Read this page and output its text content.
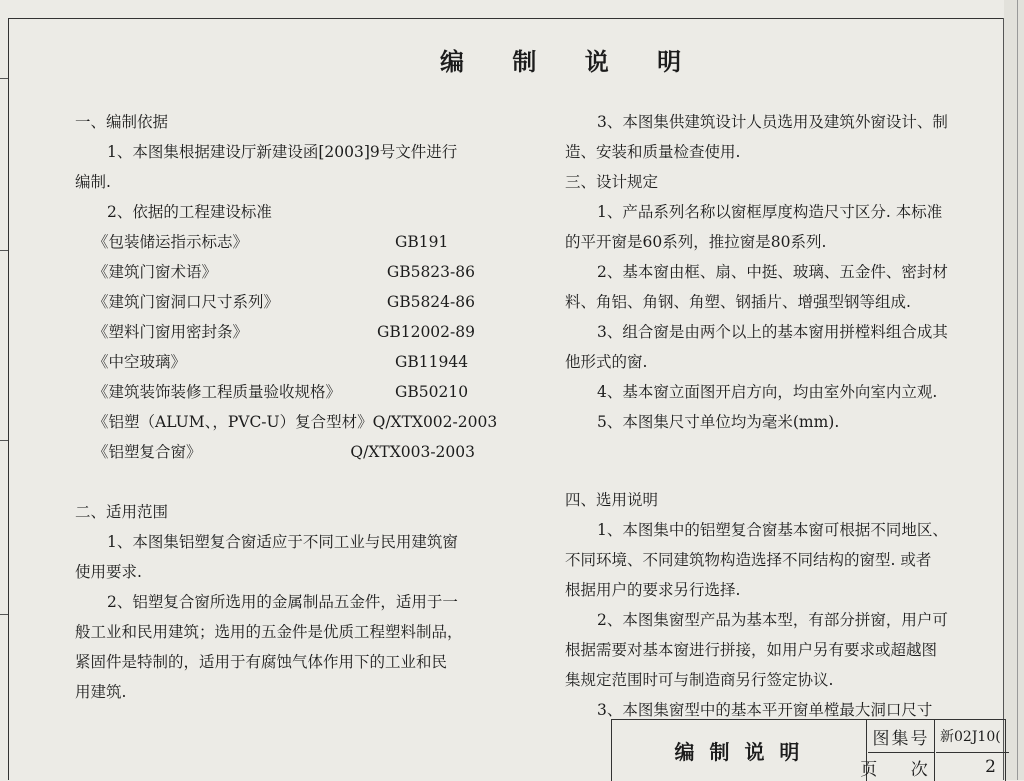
编 制 说 明
一、编制依据
1、本图集根据建设厅新建设函[2003]9号文件进行
编制.
2、依据的工程建设标准
《包装储运指示标志》	GB191
《建筑门窗术语》	GB5823-86
《建筑门窗洞口尺寸系列》	GB5824-86
《塑料门窗用密封条》	GB12002-89
《中空玻璃》	GB11944
《建筑装饰装修工程质量验收规格》	GB50210
《铝塑（ALUM、，PVC-U）复合型材》 Q/XTX002-2003
《铝塑复合窗》	Q/XTX003-2003
二、适用范围
1、本图集铝塑复合窗适应于不同工业与民用建筑窗
使用要求.
2、铝塑复合窗所选用的金属制品五金件，适用于一
般工业和民用建筑；选用的五金件是优质工程塑料制品，
紧固件是特制的，适用于有腐蚀气体作用下的工业和民
用建筑.
3、本图集供建筑设计人员选用及建筑外窗设计、制
造、安装和质量检查使用.
三、设计规定
1、产品系列名称以窗框厚度构造尺寸区分. 本标准
的平开窗是60系列，推拉窗是80系列.
2、基本窗由框、扇、中挺、玻璃、五金件、密封材
料、角铝、角钢、角塑、钢插片、增强型钢等组成.
3、组合窗是由两个以上的基本窗用拼樘料组合成其
他形式的窗.
4、基本窗立面图开启方向，均由室外向室内立观.
5、本图集尺寸单位均为毫米(mm).
四、选用说明
1、本图集中的铝塑复合窗基本窗可根据不同地区、
不同环境、不同建筑物构造选择不同结构的窗型. 或者
根据用户的要求另行选择.
2、本图集窗型产品为基本型，有部分拼窗，用户可
根据需要对基本窗进行拼接，如用户另有要求或超越图
集规定范围时可与制造商另行签定协议.
3、本图集窗型中的基本平开窗单樘最大洞口尺寸
编 制 说 明
图集号 新02J10(
页 次	2
